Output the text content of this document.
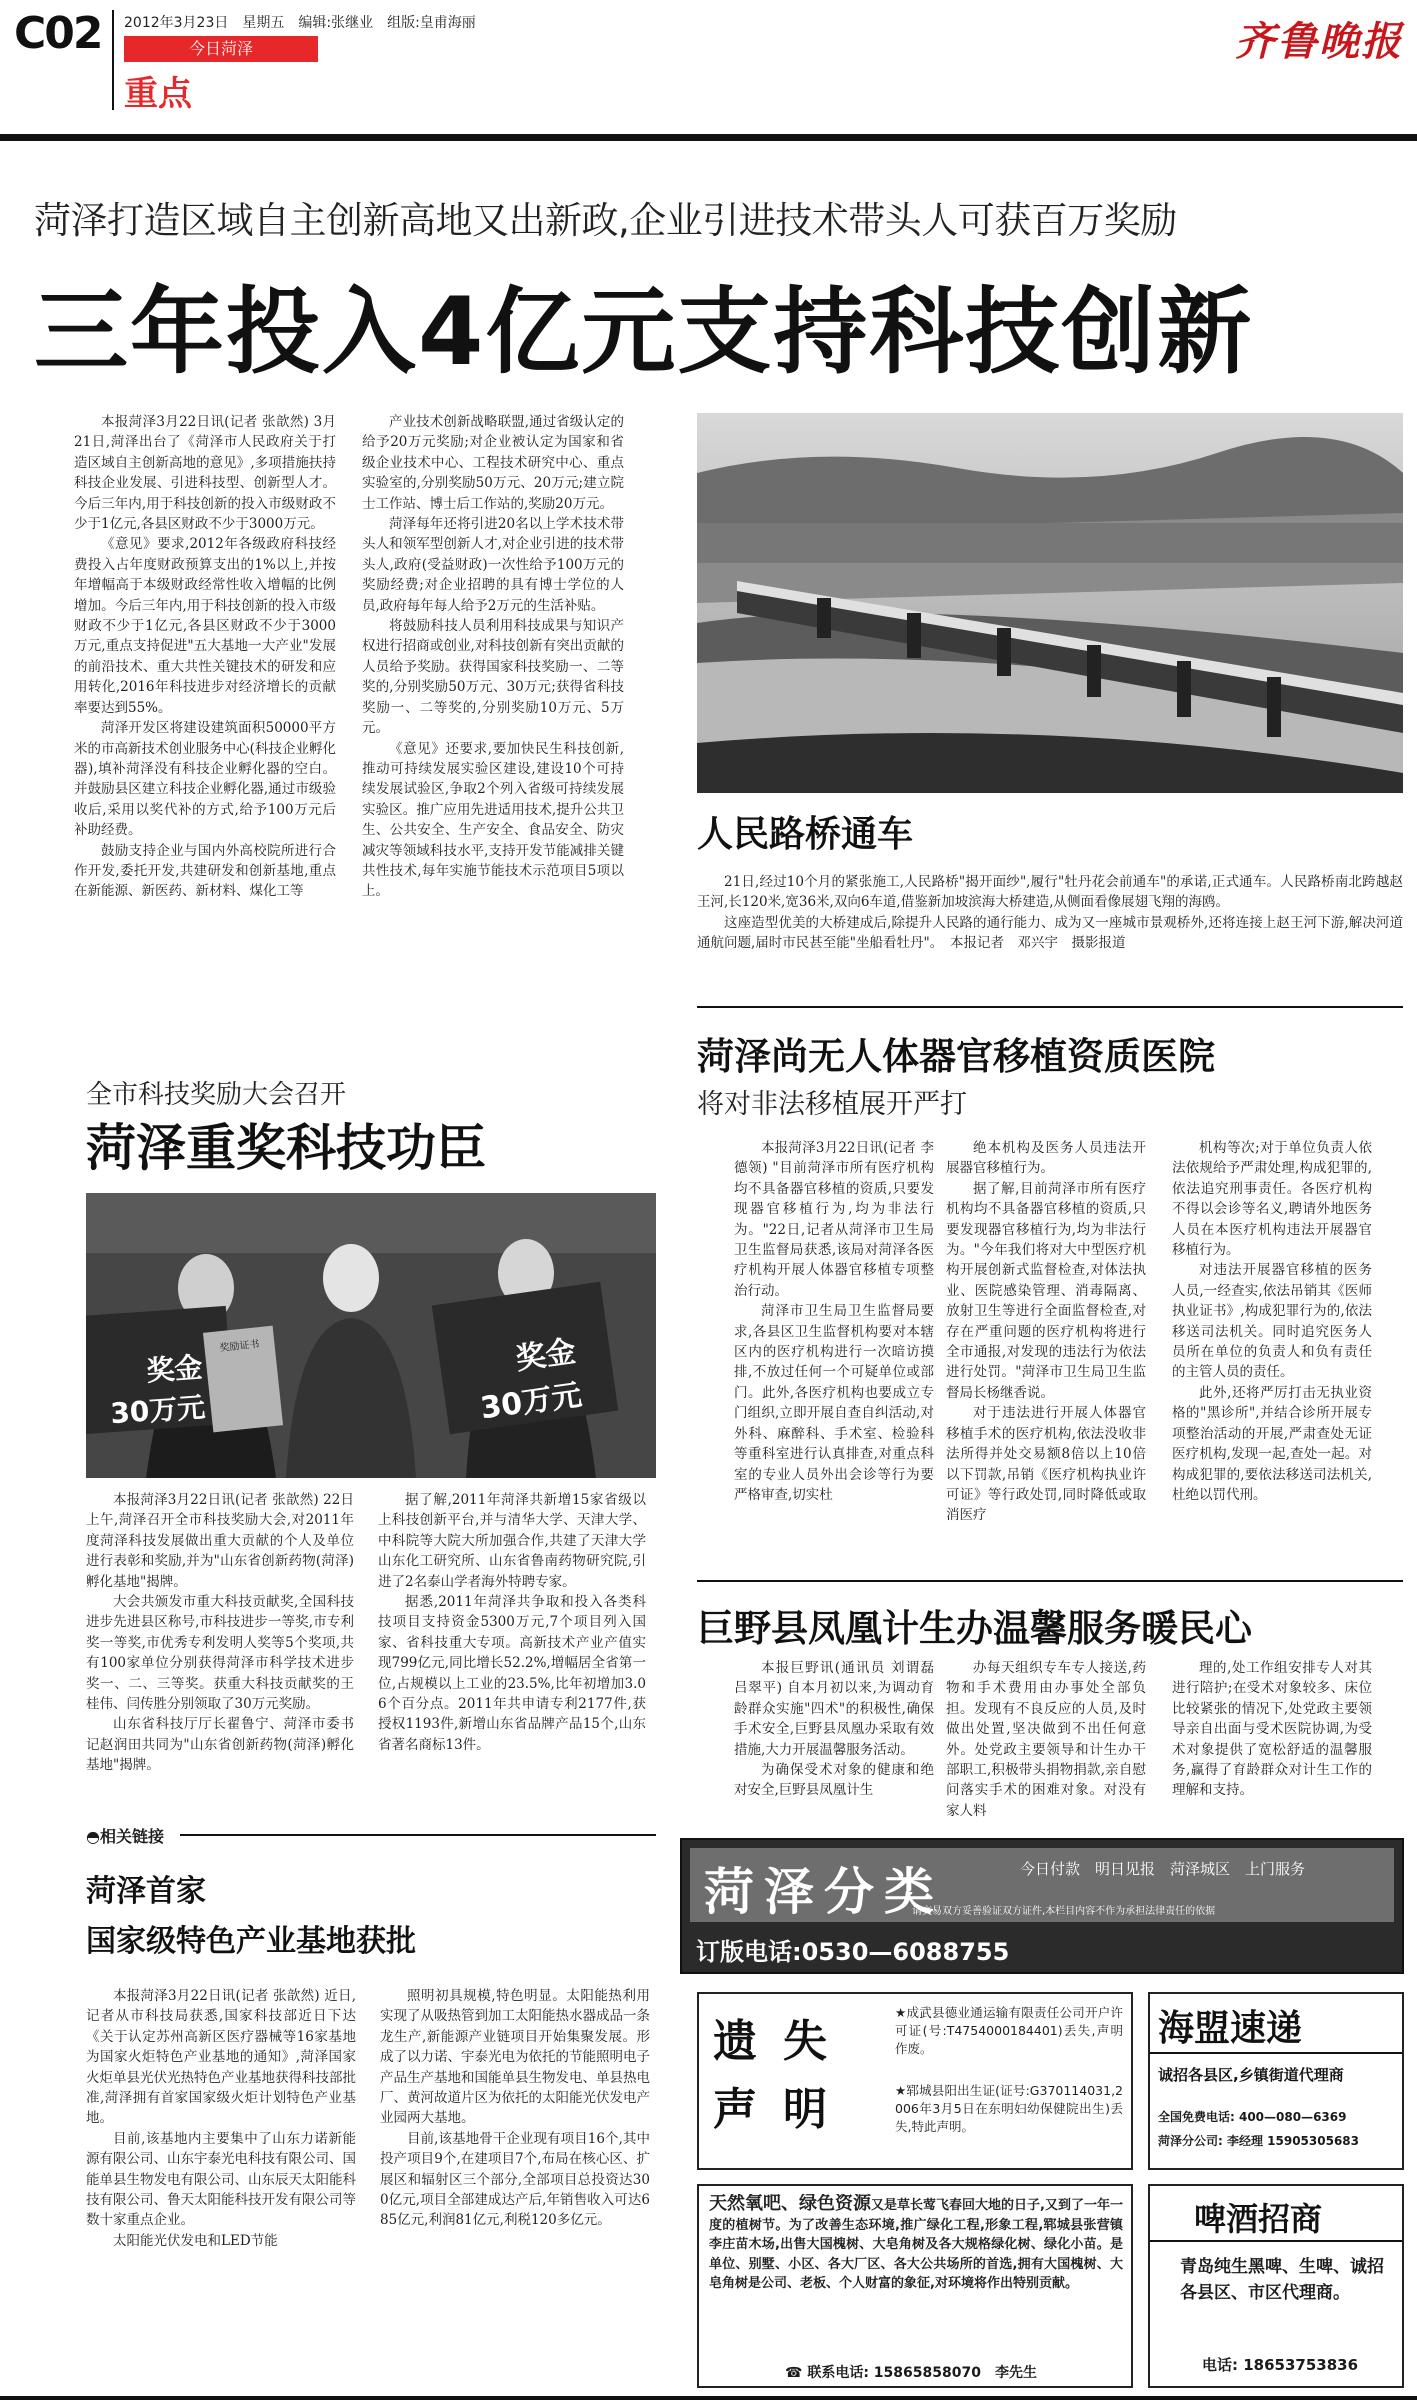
C02 2012年3月23日　星期五　编辑:张继业　组版:皇甫海丽
今日菏泽
重点
齐鲁晚报
菏泽打造区域自主创新高地又出新政,企业引进技术带头人可获百万奖励
三年投入4亿元支持科技创新

本报菏泽3月22日讯(记者 张歆然) 3月21日,菏泽出台了《菏泽市人民政府关于打造区域自主创新高地的意见》,多项措施扶持科技企业发展、引进科技型、创新型人才。今后三年内,用于科技创新的投入市级财政不少于1亿元,各县区财政不少于3000万元。

《意见》要求,2012年各级政府科技经费投入占年度财政预算支出的1%以上,并按年增幅高于本级财政经常性收入增幅的比例增加。今后三年内,用于科技创新的投入市级财政不少于1亿元,各县区财政不少于3000万元,重点支持促进"五大基地一大产业"发展的前沿技术、重大共性关键技术的研发和应用转化,2016年科技进步对经济增长的贡献率要达到55%。

菏泽开发区将建设建筑面积50000平方米的市高新技术创业服务中心(科技企业孵化器),填补菏泽没有科技企业孵化器的空白。并鼓励县区建立科技企业孵化器,通过市级验收后,采用以奖代补的方式,给予100万元后补助经费。

鼓励支持企业与国内外高校院所进行合作开发,委托开发,共建研发和创新基地,重点在新能源、新医药、新材料、煤化工等

产业技术创新战略联盟,通过省级认定的给予20万元奖励;对企业被认定为国家和省级企业技术中心、工程技术研究中心、重点实验室的,分别奖励50万元、20万元;建立院士工作站、博士后工作站的,奖励20万元。

菏泽每年还将引进20名以上学术技术带头人和领军型创新人才,对企业引进的技术带头人,政府(受益财政)一次性给予100万元的奖励经费;对企业招聘的具有博士学位的人员,政府每年每人给予2万元的生活补贴。

将鼓励科技人员利用科技成果与知识产权进行招商或创业,对科技创新有突出贡献的人员给予奖励。获得国家科技奖励一、二等奖的,分别奖励50万元、30万元;获得省科技奖励一、二等奖的,分别奖励10万元、5万元。

《意见》还要求,要加快民生科技创新,推动可持续发展实验区建设,建设10个可持续发展试验区,争取2个列入省级可持续发展实验区。推广应用先进适用技术,提升公共卫生、公共安全、生产安全、食品安全、防灾减灾等领域科技水平,支持开发节能减排关键共性技术,每年实施节能技术示范项目5项以上。

人民路桥通车

21日,经过10个月的紧张施工,人民路桥"揭开面纱",履行"牡丹花会前通车"的承诺,正式通车。人民路桥南北跨越赵王河,长120米,宽36米,双向6车道,借鉴新加坡滨海大桥建造,从侧面看像展翅飞翔的海鸥。

这座造型优美的大桥建成后,除提升人民路的通行能力、成为又一座城市景观桥外,还将连接上赵王河下游,解决河道通航问题,届时市民甚至能"坐船看牡丹"。　本报记者　邓兴宇　摄影报道

全市科技奖励大会召开
菏泽重奖科技功臣

奖金
30万元

奖励证书	奖金
30万元

本报菏泽3月22日讯(记者 张歆然) 22日上午,菏泽召开全市科技奖励大会,对2011年度菏泽科技发展做出重大贡献的个人及单位进行表彰和奖励,并为"山东省创新药物(菏泽)孵化基地"揭牌。

大会共颁发市重大科技贡献奖,全国科技进步先进县区称号,市科技进步一等奖,市专利奖一等奖,市优秀专利发明人奖等5个奖项,共有100家单位分别获得菏泽市科学技术进步奖一、二、三等奖。获重大科技贡献奖的王桂伟、闫传胜分别领取了30万元奖励。

山东省科技厅厅长翟鲁宁、菏泽市委书记赵润田共同为"山东省创新药物(菏泽)孵化基地"揭牌。

据了解,2011年菏泽共新增15家省级以上科技创新平台,并与清华大学、天津大学、中科院等大院大所加强合作,共建了天津大学山东化工研究所、山东省鲁南药物研究院,引进了2名泰山学者海外特聘专家。

据悉,2011年菏泽共争取和投入各类科技项目支持资金5300万元,7个项目列入国家、省科技重大专项。高新技术产业产值实现799亿元,同比增长52.2%,增幅居全省第一位,占规模以上工业的23.5%,比年初增加3.06个百分点。2011年共申请专利2177件,获授权1193件,新增山东省品牌产品15个,山东省著名商标13件。

◓相关链接
菏泽首家
国家级特色产业基地获批

本报菏泽3月22日讯(记者 张歆然) 近日,记者从市科技局获悉,国家科技部近日下达《关于认定苏州高新区医疗器械等16家基地为国家火炬特色产业基地的通知》,菏泽国家火炬单县光伏光热特色产业基地获得科技部批准,菏泽拥有首家国家级火炬计划特色产业基地。

目前,该基地内主要集中了山东力诺新能源有限公司、山东宇泰光电科技有限公司、国能单县生物发电有限公司、山东辰天太阳能科技有限公司、鲁天太阳能科技开发有限公司等数十家重点企业。

太阳能光伏发电和LED节能

照明初具规模,特色明显。太阳能热利用实现了从吸热管到加工太阳能热水器成品一条龙生产,新能源产业链项目开始集聚发展。形成了以力诺、宇泰光电为依托的节能照明电子产品生产基地和国能单县生物发电、单县热电厂、黄河故道片区为依托的太阳能光伏发电产业园两大基地。

目前,该基地骨干企业现有项目16个,其中投产项目9个,在建项目7个,布局在核心区、扩展区和辐射区三个部分,全部项目总投资达300亿元,项目全部建成达产后,年销售收入可达685亿元,利润81亿元,利税120多亿元。

菏泽尚无人体器官移植资质医院
将对非法移植展开严打

本报菏泽3月22日讯(记者 李德领) "目前菏泽市所有医疗机构均不具备器官移植的资质,只要发现器官移植行为,均为非法行为。"22日,记者从菏泽市卫生局卫生监督局获悉,该局对菏泽各医疗机构开展人体器官移植专项整治行动。

菏泽市卫生局卫生监督局要求,各县区卫生监督机构要对本辖区内的医疗机构进行一次暗访摸排,不放过任何一个可疑单位或部门。此外,各医疗机构也要成立专门组织,立即开展自查自纠活动,对外科、麻醉科、手术室、检验科等重科室进行认真排查,对重点科室的专业人员外出会诊等行为要严格审查,切实杜

绝本机构及医务人员违法开展器官移植行为。

据了解,目前菏泽市所有医疗机构均不具备器官移植的资质,只要发现器官移植行为,均为非法行为。"今年我们将对大中型医疗机构开展创新式监督检查,对体法执业、医院感染管理、消毒隔离、放射卫生等进行全面监督检查,对存在严重问题的医疗机构将进行全市通报,对发现的违法行为依法进行处罚。"菏泽市卫生局卫生监督局长杨继香说。

对于违法进行开展人体器官移植手术的医疗机构,依法没收非法所得并处交易额8倍以上10倍以下罚款,吊销《医疗机构执业许可证》等行政处罚,同时降低或取消医疗

机构等次;对于单位负责人依法依规给予严肃处理,构成犯罪的,依法追究刑事责任。各医疗机构不得以会诊等名义,聘请外地医务人员在本医疗机构违法开展器官移植行为。

对违法开展器官移植的医务人员,一经查实,依法吊销其《医师执业证书》,构成犯罪行为的,依法移送司法机关。同时追究医务人员所在单位的负责人和负有责任的主管人员的责任。

此外,还将严厉打击无执业资格的"黑诊所",并结合诊所开展专项整治活动的开展,严肃查处无证医疗机构,发现一起,查处一起。对构成犯罪的,要依法移送司法机关,杜绝以罚代刑。

巨野县凤凰计生办温馨服务暖民心

本报巨野讯(通讯员 刘谓磊 吕翠平) 自本月初以来,为调动育龄群众实施"四术"的积极性,确保手术安全,巨野县凤凰办采取有效措施,大力开展温馨服务活动。

为确保受术对象的健康和绝对安全,巨野县凤凰计生

办每天组织专车专人接送,药物和手术费用由办事处全部负担。发现有不良反应的人员,及时做出处置,坚决做到不出任何意外。处党政主要领导和计生办干部职工,积极带头捐物捐款,亲自慰问落实手术的困难对象。对没有家人料

理的,处工作组安排专人对其进行陪护;在受术对象较多、床位比较紧张的情况下,处党政主要领导亲自出面与受术医院协调,为受术对象提供了宽松舒适的温馨服务,赢得了育龄群众对计生工作的理解和支持。

菏泽分类	今日付款　明日见报　菏泽城区　上门服务
请交易双方妥善验证双方证件,本栏目内容不作为承担法律责任的依据
订版电话:0530—6088755
遗失声明
★成武县德业通运输有限责任公司开户许可证(号:T4754000184401)丢失,声明作废。
★郓城县阳出生证(证号:G370114031,2006年3月5日在东明妇幼保健院出生)丢失,特此声明。
海盟速递
诚招各县区,乡镇街道代理商
全国免费电话: 400—080—6369
菏泽分公司: 李经理 15905305683
天然氧吧、绿色资源又是草长莺飞春回大地的日子,又到了一年一度的植树节。为了改善生态环境,推广绿化工程,形象工程,郓城县张营镇李庄苗木场,出售大国槐树、大皂角树及各大规格绿化树、绿化小苗。是单位、别墅、小区、各大厂区、各大公共场所的首选,拥有大国槐树、大皂角树是公司、老板、个人财富的象征,对环境将作出特别贡献。
☎ 联系电话: 15865858070　李先生
啤酒招商
青岛纯生黑啤、生啤、诚招各县区、市区代理商。
电话: 18653753836
